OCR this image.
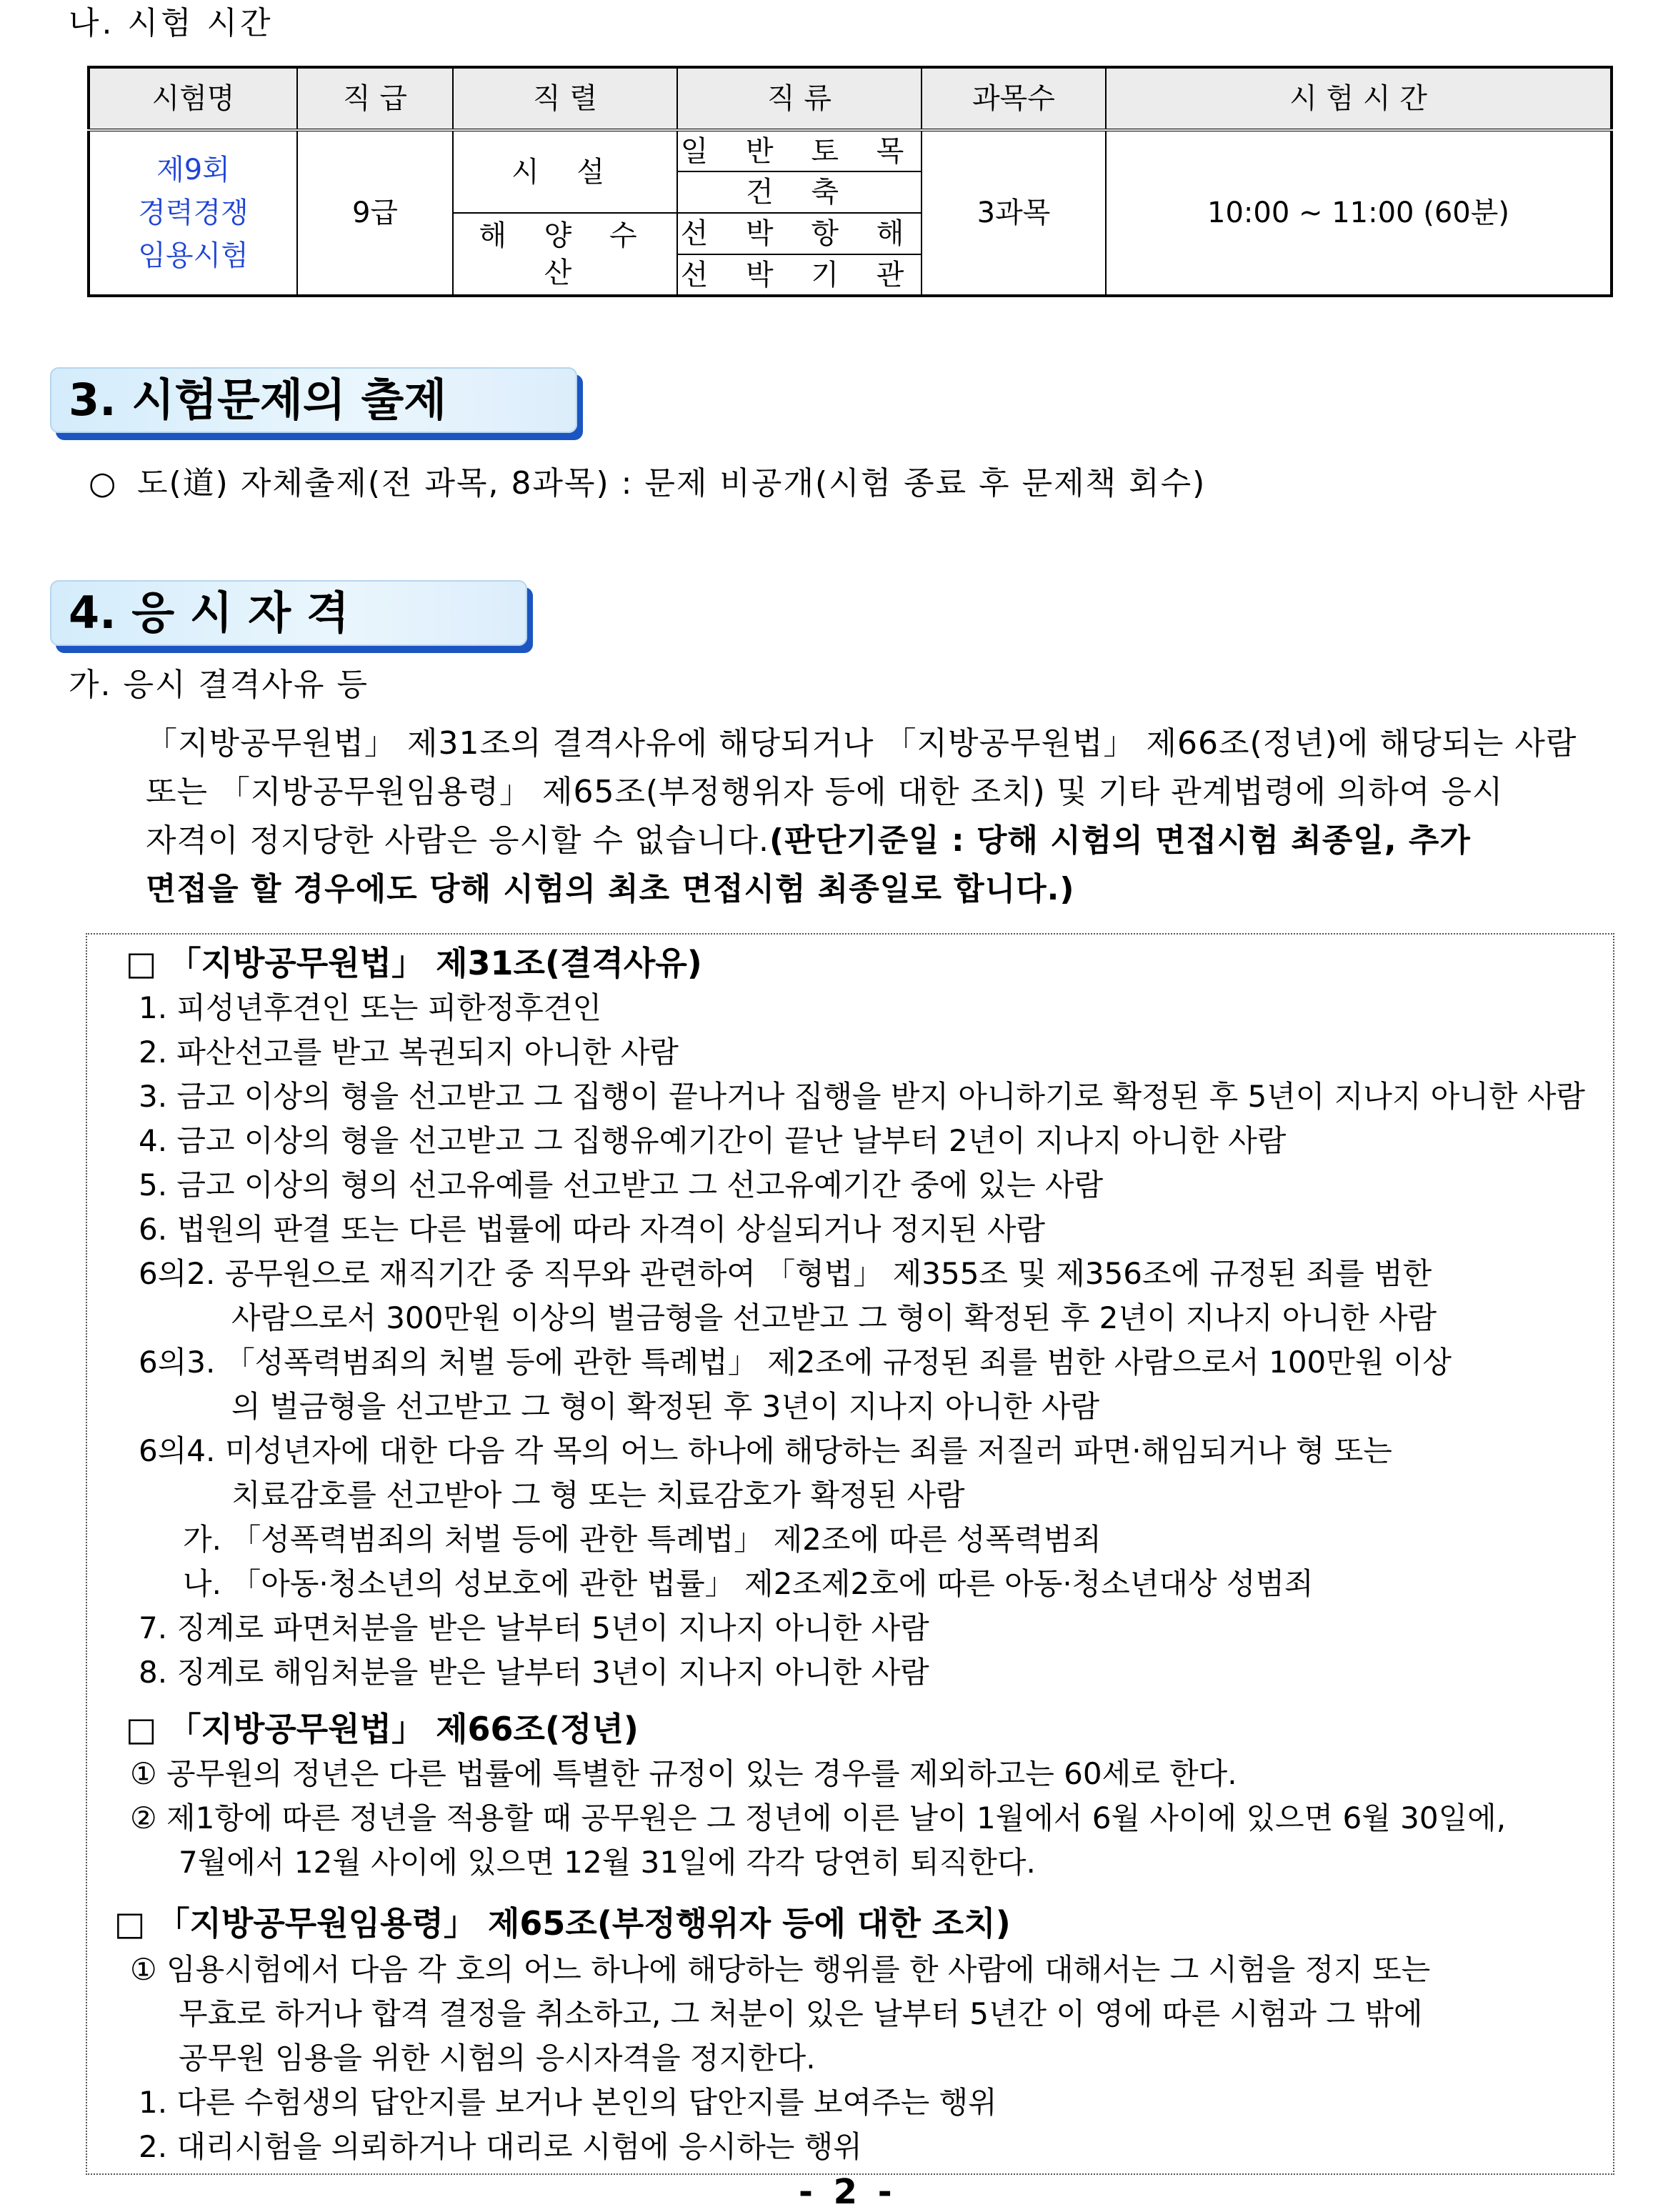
나. 시험 시간
시험명	직 급	직 렬	직 류	과목수	시 험 시 간

제9회
경력경쟁
임용시험	9급	시 설	일 반 토 목	3과목	10:00 ~ 11:00 (60분)
			건 축		
		해 양 수 산	선 박 항 해		
			선 박 기 관		
3. 시험문제의 출제
○ 도(道) 자체출제(전 과목, 8과목) : 문제 비공개(시험 종료 후 문제책 회수)
4. 응 시 자 격
가. 응시 결격사유 등
「지방공무원법」 제31조의 결격사유에 해당되거나 「지방공무원법」 제66조(정년)에 해당되는 사람
또는 「지방공무원임용령」 제65조(부정행위자 등에 대한 조치) 및 기타 관계법령에 의하여 응시
자격이 정지당한 사람은 응시할 수 없습니다.(판단기준일 : 당해 시험의 면접시험 최종일, 추가
면접을 할 경우에도 당해 시험의 최초 면접시험 최종일로 합니다.)
□ 「지방공무원법」 제31조(결격사유)
1. 피성년후견인 또는 피한정후견인
2. 파산선고를 받고 복권되지 아니한 사람
3. 금고 이상의 형을 선고받고 그 집행이 끝나거나 집행을 받지 아니하기로 확정된 후 5년이 지나지 아니한 사람
4. 금고 이상의 형을 선고받고 그 집행유예기간이 끝난 날부터 2년이 지나지 아니한 사람
5. 금고 이상의 형의 선고유예를 선고받고 그 선고유예기간 중에 있는 사람
6. 법원의 판결 또는 다른 법률에 따라 자격이 상실되거나 정지된 사람
6의2. 공무원으로 재직기간 중 직무와 관련하여 「형법」 제355조 및 제356조에 규정된 죄를 범한
사람으로서 300만원 이상의 벌금형을 선고받고 그 형이 확정된 후 2년이 지나지 아니한 사람
6의3. 「성폭력범죄의 처벌 등에 관한 특례법」 제2조에 규정된 죄를 범한 사람으로서 100만원 이상
의 벌금형을 선고받고 그 형이 확정된 후 3년이 지나지 아니한 사람
6의4. 미성년자에 대한 다음 각 목의 어느 하나에 해당하는 죄를 저질러 파면·해임되거나 형 또는
치료감호를 선고받아 그 형 또는 치료감호가 확정된 사람
가. 「성폭력범죄의 처벌 등에 관한 특례법」 제2조에 따른 성폭력범죄
나. 「아동·청소년의 성보호에 관한 법률」 제2조제2호에 따른 아동·청소년대상 성범죄
7. 징계로 파면처분을 받은 날부터 5년이 지나지 아니한 사람
8. 징계로 해임처분을 받은 날부터 3년이 지나지 아니한 사람
□ 「지방공무원법」 제66조(정년)
① 공무원의 정년은 다른 법률에 특별한 규정이 있는 경우를 제외하고는 60세로 한다.
② 제1항에 따른 정년을 적용할 때 공무원은 그 정년에 이른 날이 1월에서 6월 사이에 있으면 6월 30일에,
7월에서 12월 사이에 있으면 12월 31일에 각각 당연히 퇴직한다.
□ 「지방공무원임용령」 제65조(부정행위자 등에 대한 조치)
① 임용시험에서 다음 각 호의 어느 하나에 해당하는 행위를 한 사람에 대해서는 그 시험을 정지 또는
무효로 하거나 합격 결정을 취소하고, 그 처분이 있은 날부터 5년간 이 영에 따른 시험과 그 밖에
공무원 임용을 위한 시험의 응시자격을 정지한다.
1. 다른 수험생의 답안지를 보거나 본인의 답안지를 보여주는 행위
2. 대리시험을 의뢰하거나 대리로 시험에 응시하는 행위
- 2 -
